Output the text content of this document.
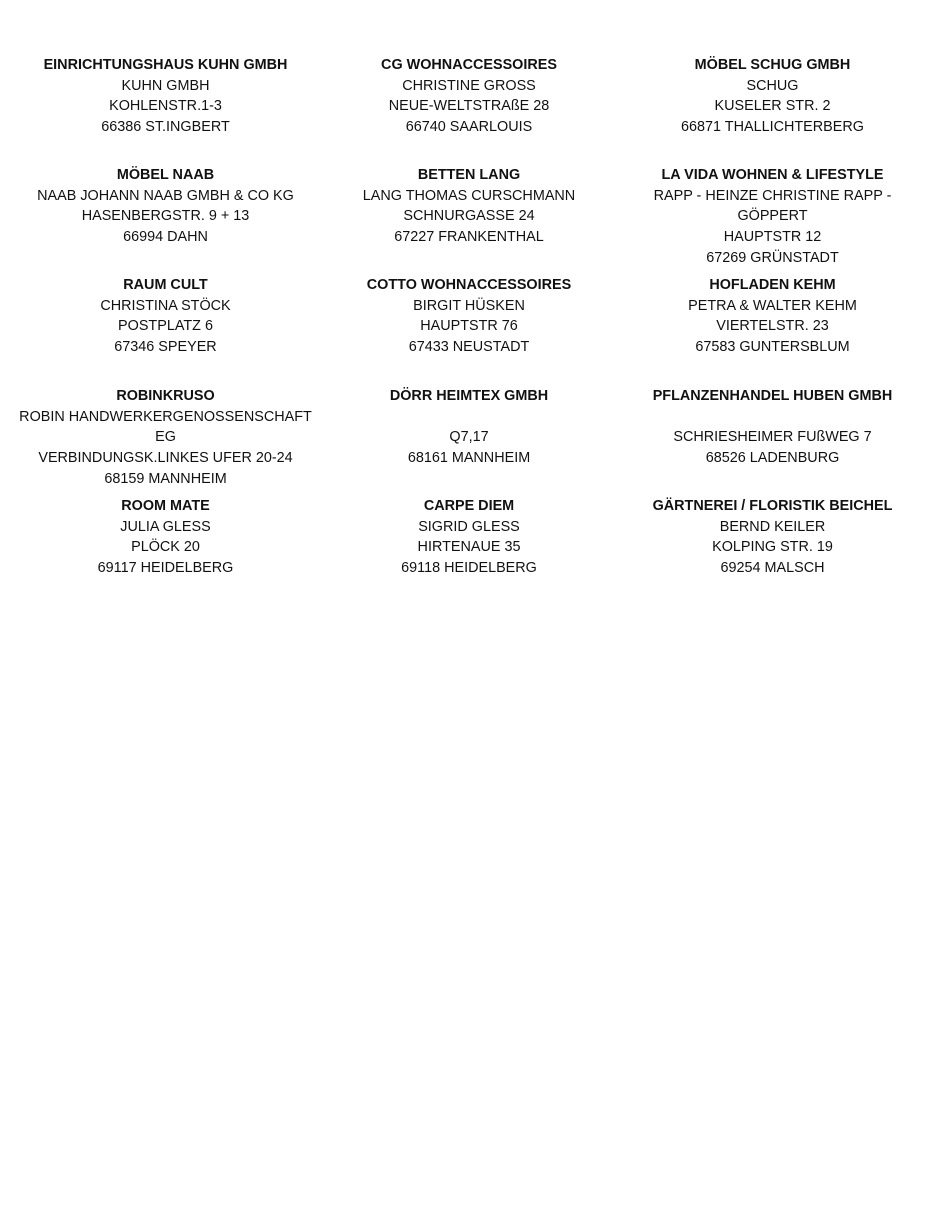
EINRICHTUNGSHAUS KUHN GMBH
KUHN GMBH
KOHLENSTR.1-3
66386 ST.INGBERT
CG WOHNACCESSOIRES
CHRISTINE GROSS
NEUE-WELTSTRAßE 28
66740 SAARLOUIS
MÖBEL SCHUG GMBH
SCHUG
KUSELER STR. 2
66871 THALLICHTERBERG
MÖBEL NAAB
NAAB JOHANN NAAB GMBH & CO KG
HASENBERGSTR. 9 + 13
66994 DAHN
BETTEN LANG
LANG THOMAS CURSCHMANN
SCHNURGASSE 24
67227 FRANKENTHAL
LA VIDA WOHNEN & LIFESTYLE
RAPP - HEINZE CHRISTINE RAPP -
GÖPPERT
HAUPTSTR 12
67269 GRÜNSTADT
RAUM CULT
CHRISTINA STÖCK
POSTPLATZ 6
67346 SPEYER
COTTO WOHNACCESSOIRES
BIRGIT HÜSKEN
HAUPTSTR 76
67433 NEUSTADT
HOFLADEN KEHM
PETRA & WALTER KEHM
VIERTELSTR. 23
67583 GUNTERSBLUM
ROBINKRUSO
ROBIN HANDWERKERGENOSSENSCHAFT
EG
VERBINDUNGSK.LINKES UFER 20-24
68159 MANNHEIM
DÖRR HEIMTEX GMBH
Q7,17
68161 MANNHEIM
PFLANZENHANDEL HUBEN GMBH
SCHRIESHEIMER FUßWEG 7
68526 LADENBURG
ROOM MATE
JULIA GLESS
PLÖCK 20
69117 HEIDELBERG
CARPE DIEM
SIGRID GLESS
HIRTENAUE 35
69118 HEIDELBERG
GÄRTNEREI / FLORISTIK BEICHEL
BERND KEILER
KOLPING STR. 19
69254 MALSCH
